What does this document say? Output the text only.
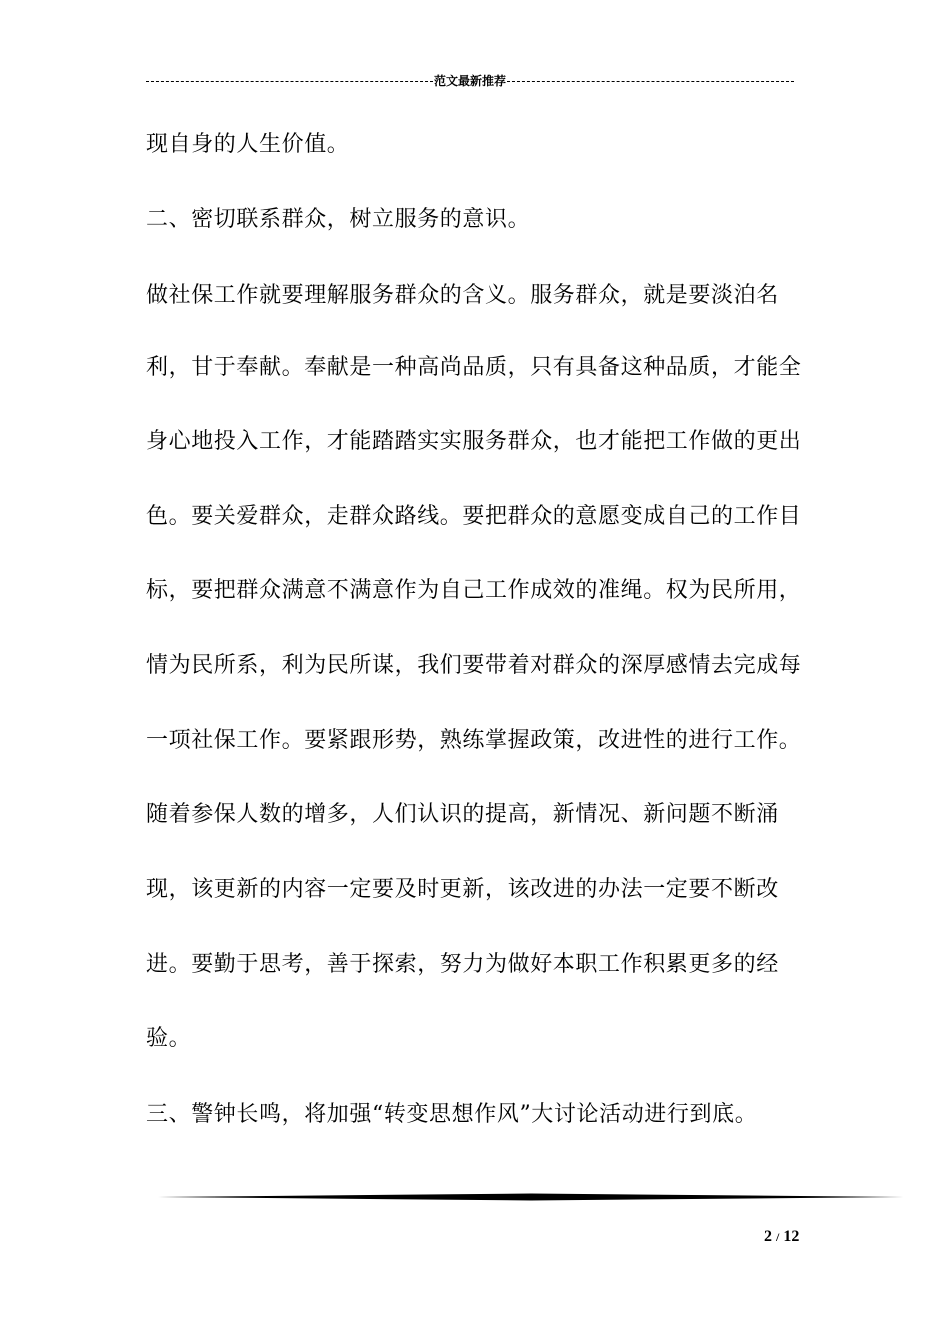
范文最新推荐
现自身的人生价值。
二、密切联系群众，树立服务的意识。
做社保工作就要理解服务群众的含义。服务群众，就是要淡泊名
利，甘于奉献。奉献是一种高尚品质，只有具备这种品质，才能全
身心地投入工作，才能踏踏实实服务群众，也才能把工作做的更出
色。要关爱群众，走群众路线。要把群众的意愿变成自己的工作目
标，要把群众满意不满意作为自己工作成效的准绳。权为民所用，
情为民所系，利为民所谋，我们要带着对群众的深厚感情去完成每
一项社保工作。要紧跟形势，熟练掌握政策，改进性的进行工作。
随着参保人数的增多，人们认识的提高，新情况、新问题不断涌
现，该更新的内容一定要及时更新，该改进的办法一定要不断改
进。要勤于思考，善于探索，努力为做好本职工作积累更多的经
验。
三、警钟长鸣，将加强“转变思想作风”大讨论活动进行到底。
2 / 12
